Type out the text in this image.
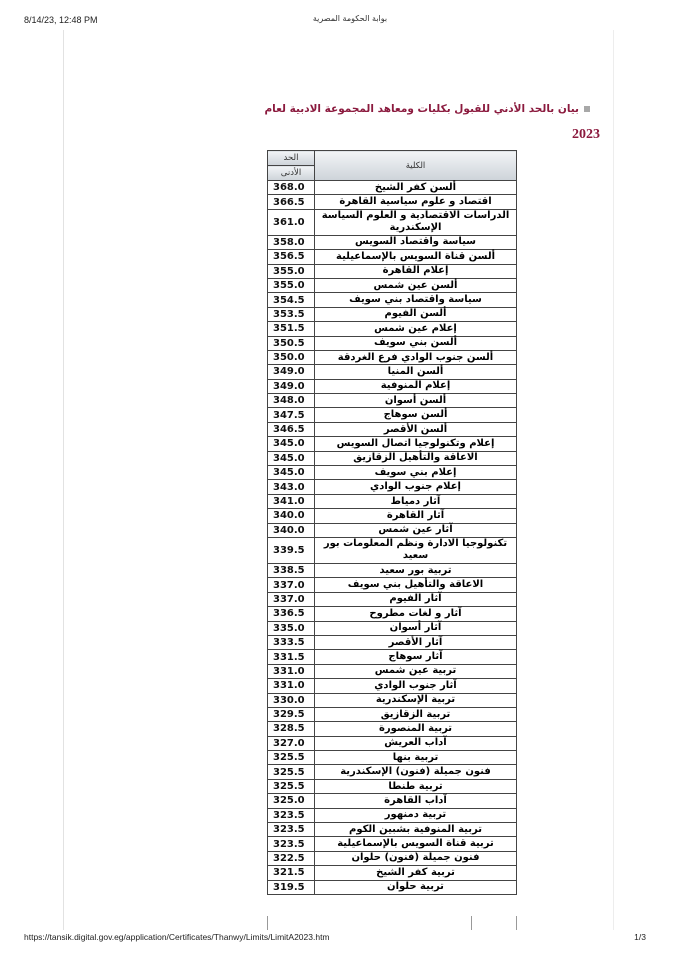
8/14/23, 12:48 PM	بوابة الحكومة المصرية
بيان بالحد الأدني للقبول بكليات ومعاهد المجموعة الادبية لعام
2023
الكلية	الحد
	الأدنى
ألسن كفر الشيخ	368.0
اقتصاد و علوم سياسية القاهرة	366.5
الدراسات الاقتصادية و العلوم السياسة الإسكندرية	361.0
سياسة واقتصاد السويس	358.0
ألسن قناة السويس بالإسماعيلية	356.5
إعلام القاهرة	355.0
ألسن عين شمس	355.0
سياسة واقتصاد بني سويف	354.5
ألسن الفيوم	353.5
إعلام عين شمس	351.5
ألسن بني سويف	350.5
ألسن جنوب الوادي فرع الغردقة	350.0
ألسن المنيا	349.0
إعلام المنوفية	349.0
ألسن أسوان	348.0
ألسن سوهاج	347.5
ألسن الأقصر	346.5
إعلام وتكنولوجيا اتصال السويس	345.0
الاعاقة والتأهيل الزقازيق	345.0
إعلام بني سويف	345.0
إعلام جنوب الوادي	343.0
آثار دمياط	341.0
آثار القاهرة	340.0
آثار عين شمس	340.0
تكنولوجيا الادارة ونظم المعلومات بور سعيد	339.5
تربية بور سعيد	338.5
الاعاقة والتأهيل بني سويف	337.0
آثار الفيوم	337.0
آثار و لغات مطروح	336.5
آثار أسوان	335.0
آثار الأقصر	333.5
آثار سوهاج	331.5
تربية عين شمس	331.0
آثار جنوب الوادي	331.0
تربية الإسكندرية	330.0
تربية الزقازيق	329.5
تربية المنصورة	328.5
آداب العريش	327.0
تربية بنها	325.5
فنون جميلة (فنون) الإسكندرية	325.5
تربية طنطا	325.5
آداب القاهرة	325.0
تربية دمنهور	323.5
تربية المنوفية بشبين الكوم	323.5
تربية قناة السويس بالإسماعيلية	323.5
فنون جميلة (فنون) حلوان	322.5
تربية كفر الشيخ	321.5
تربية حلوان	319.5
https://tansik.digital.gov.eg/application/Certificates/Thanwy/Limits/LimitA2023.htm	1/3
